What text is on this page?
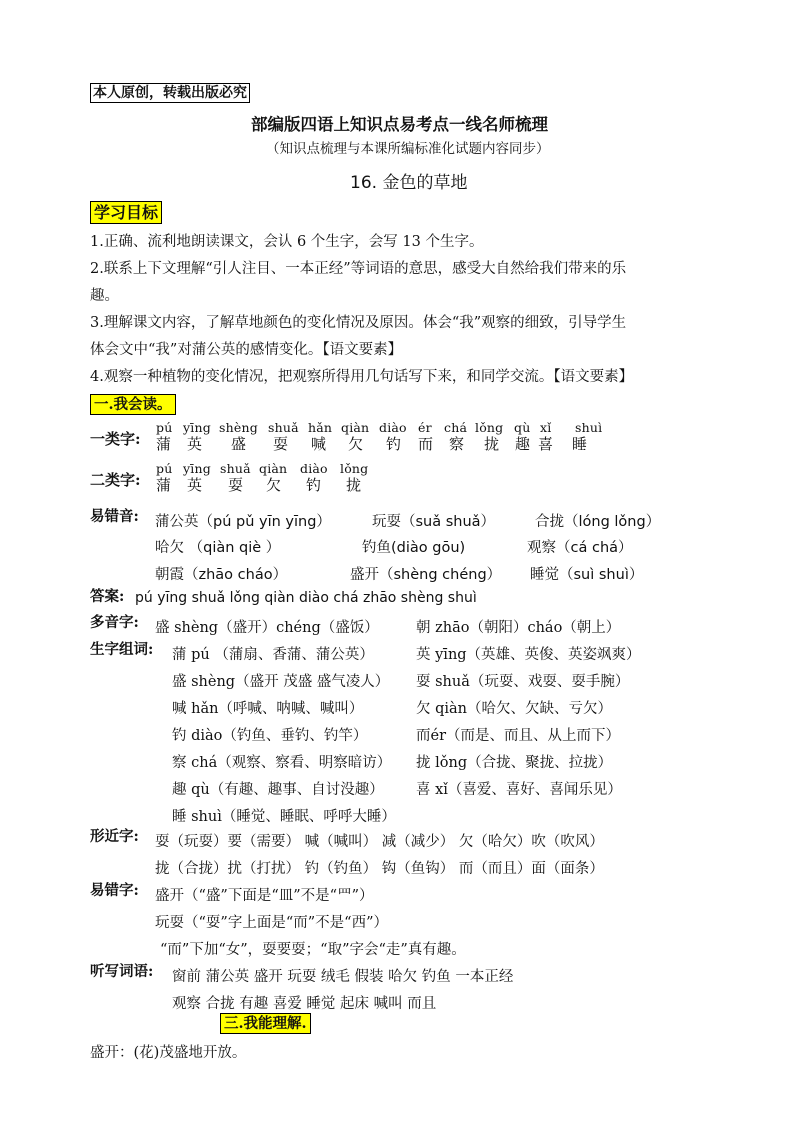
本人原创，转载出版必究
部编版四语上知识点易考点一线名师梳理
（知识点梳理与本课所编标准化试题内容同步）
16. 金色的草地
学习目标
1.正确、流利地朗读课文，会认 6 个生字，会写 13 个生字。
2.联系上下文理解“引人注目、一本正经”等词语的意思，感受大自然给我们带来的乐
趣。
3.理解课文内容，了解草地颜色的变化情况及原因。体会“我”观察的细致，引导学生
体会文中“我”对蒲公英的感情变化。【语文要素】
4.观察一种植物的变化情况，把观察所得用几句话写下来，和同学交流。【语文要素】
一.我会读。
一类字:
pú yīng shèng shuǎ hǎn qiàn diào ér chá lǒng qù xǐ shuì
蒲 英 盛 耍 喊 欠 钓 而 察 拢 趣 喜 睡
二类字:
pú yīng shuǎ qiàn diào lǒng
蒲 英 耍 欠 钓 拢
易错音: 蒲公英（pú pǔ yīn yīng）	玩耍（suǎ shuǎ）	合拢（lóng lǒng）
哈欠 （qiàn qiè ）	钓鱼(diào gōu)	观察（cá chá）
朝霞（zhāo cháo）	盛开（shèng chéng） 睡觉（suì shuì）
答案: pú yīng shuǎ lǒng qiàn diào chá zhāo shèng shuì
多音字: 盛 shèng（盛开）chéng（盛饭）	朝 zhāo（朝阳）cháo（朝上）
生字组词: 蒲 pú （蒲扇、香蒲、蒲公英）	英 yīng（英雄、英俊、英姿飒爽）
盛 shèng（盛开 茂盛 盛气凌人） 耍 shuǎ（玩耍、戏耍、耍手腕）
喊 hǎn（呼喊、呐喊、喊叫）	欠 qiàn（哈欠、欠缺、亏欠）
钓 diào（钓鱼、垂钓、钓竿）	而ér（而是、而且、从上而下）
察 chá（观察、察看、明察暗访） 拢 lǒng（合拢、聚拢、拉拢）
趣 qù（有趣、趣事、自讨没趣） 喜 xǐ（喜爱、喜好、喜闻乐见）
睡 shuì（睡觉、睡眠、呼呼大睡）
形近字: 耍（玩耍）要（需要） 喊（喊叫） 减（减少） 欠（哈欠）吹（吹风）
拢（合拢）扰（打扰） 钓（钓鱼） 钩（鱼钩） 而（而且）面（面条）
易错字: 盛开（“盛”下面是“皿”不是“罒”）
玩耍（“耍”字上面是“而”不是“西”）
“而”下加“女”，耍要耍；“取”字会“走”真有趣。
听写词语: 窗前 蒲公英 盛开 玩耍 绒毛 假装 哈欠 钓鱼 一本正经
观察 合拢 有趣 喜爱 睡觉 起床 喊叫 而且
三.我能理解.
盛开：(花)茂盛地开放。
